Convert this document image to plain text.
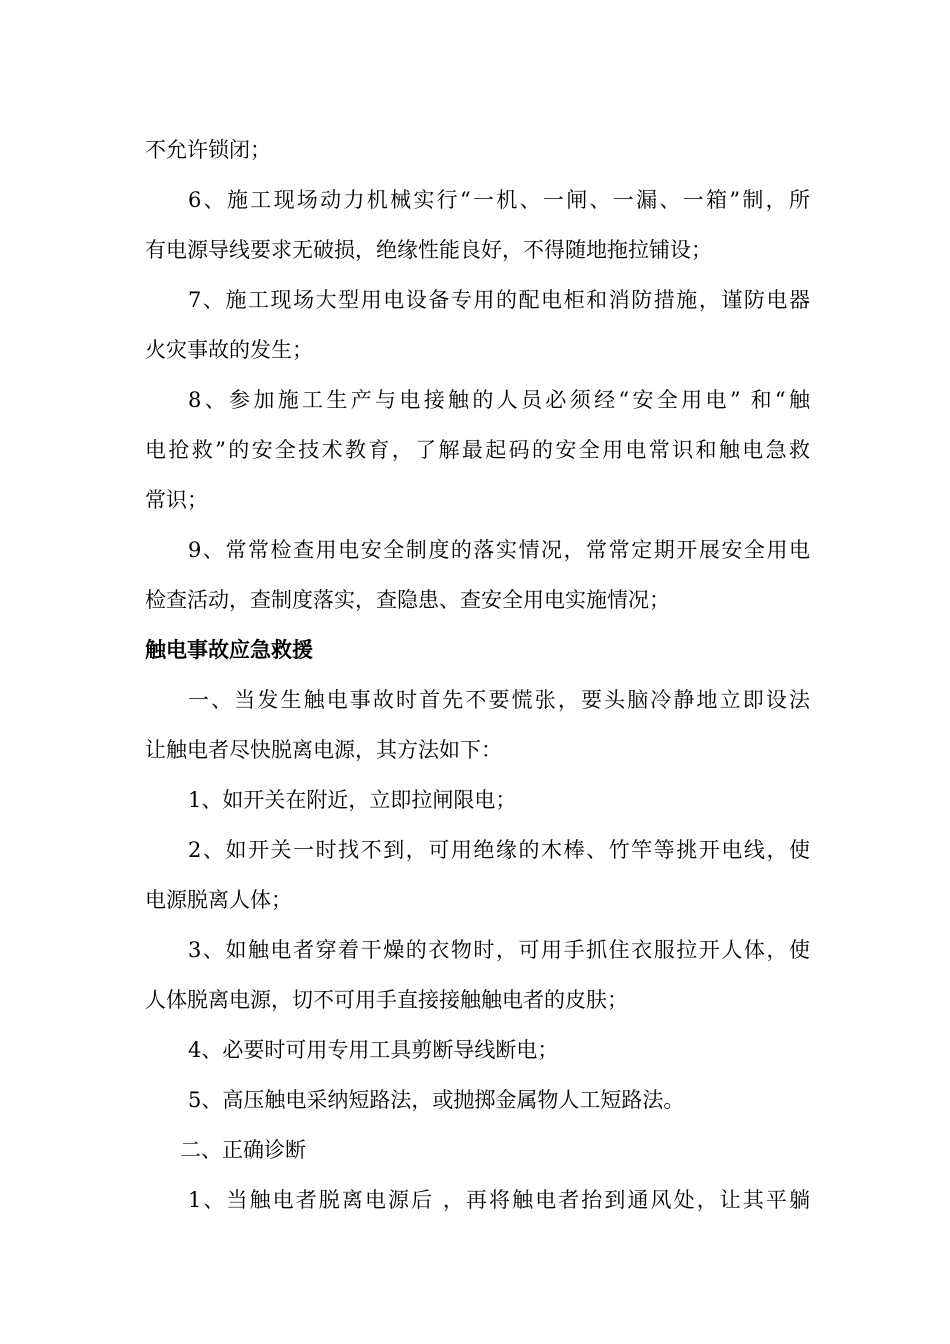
不允许锁闭；
6、施工现场动力机械实行“一机、一闸、一漏、一箱”制，所
有电源导线要求无破损，绝缘性能良好，不得随地拖拉铺设；
7、施工现场大型用电设备专用的配电柜和消防措施，谨防电器
火灾事故的发生；
8、参加施工生产与电接触的人员必须经“安全用电” 和“触
电抢救”的安全技术教育，了解最起码的安全用电常识和触电急救
常识；
9、常常检查用电安全制度的落实情况，常常定期开展安全用电
检查活动，查制度落实，查隐患、查安全用电实施情况；
触电事故应急救援
一、当发生触电事故时首先不要慌张，要头脑冷静地立即设法
让触电者尽快脱离电源，其方法如下：
1、如开关在附近，立即拉闸限电；
2、如开关一时找不到，可用绝缘的木棒、竹竿等挑开电线，使
电源脱离人体；
3、如触电者穿着干燥的衣物时，可用手抓住衣服拉开人体，使
人体脱离电源，切不可用手直接接触触电者的皮肤；
4、必要时可用专用工具剪断导线断电；
5、高压触电采纳短路法，或抛掷金属物人工短路法。
二、正确诊断
1、当触电者脱离电源后 ，再将触电者抬到通风处，让其平躺
